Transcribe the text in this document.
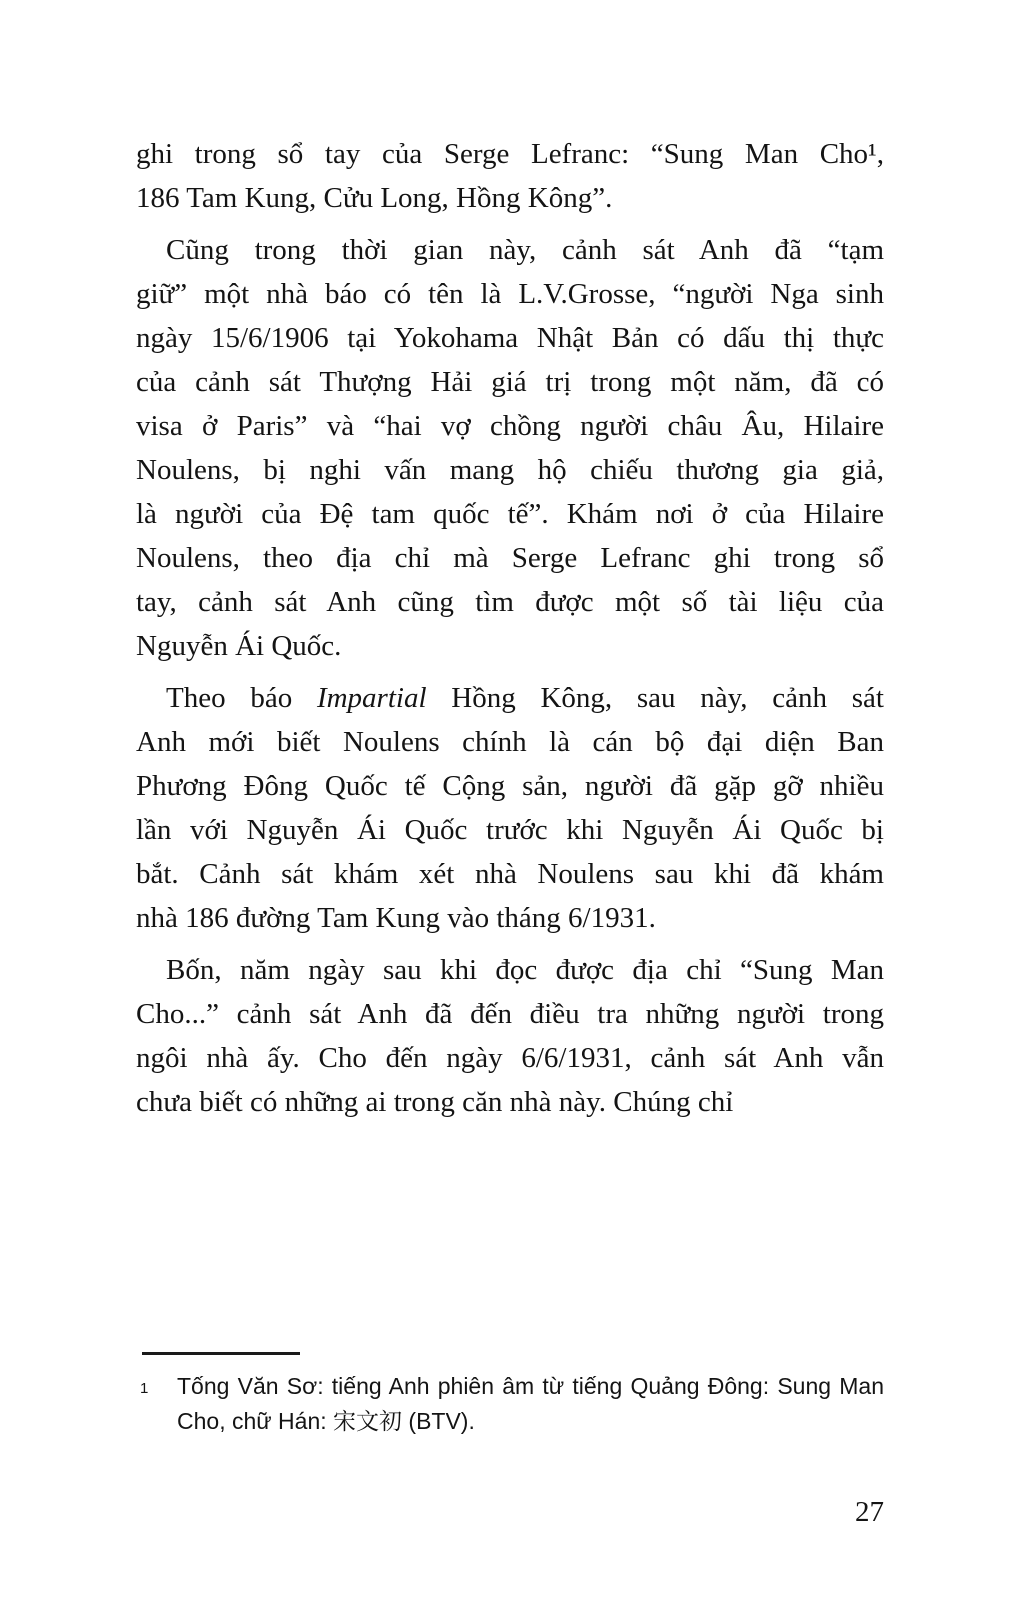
ghi trong sổ tay của Serge Lefranc: “Sung Man Cho¹,
186 Tam Kung, Cửu Long, Hồng Kông”.
Cũng trong thời gian này, cảnh sát Anh đã “tạm
giữ” một nhà báo có tên là L.V.Grosse, “người Nga sinh
ngày 15/6/1906 tại Yokohama Nhật Bản có dấu thị thực
của cảnh sát Thượng Hải giá trị trong một năm, đã có
visa ở Paris” và “hai vợ chồng người châu Âu, Hilaire
Noulens, bị nghi vấn mang hộ chiếu thương gia giả,
là người của Đệ tam quốc tế”. Khám nơi ở của Hilaire
Noulens, theo địa chỉ mà Serge Lefranc ghi trong sổ
tay, cảnh sát Anh cũng tìm được một số tài liệu của
Nguyễn Ái Quốc.
Theo báo Impartial Hồng Kông, sau này, cảnh sát
Anh mới biết Noulens chính là cán bộ đại diện Ban
Phương Đông Quốc tế Cộng sản, người đã gặp gỡ nhiều
lần với Nguyễn Ái Quốc trước khi Nguyễn Ái Quốc bị
bắt. Cảnh sát khám xét nhà Noulens sau khi đã khám
nhà 186 đường Tam Kung vào tháng 6/1931.
Bốn, năm ngày sau khi đọc được địa chỉ “Sung Man
Cho...” cảnh sát Anh đã đến điều tra những người trong
ngôi nhà ấy. Cho đến ngày 6/6/1931, cảnh sát Anh vẫn
chưa biết có những ai trong căn nhà này. Chúng chỉ
1 Tống Văn Sơ: tiếng Anh phiên âm từ tiếng Quảng Đông: Sung Man
Cho, chữ Hán: 宋文初 (BTV).
27
